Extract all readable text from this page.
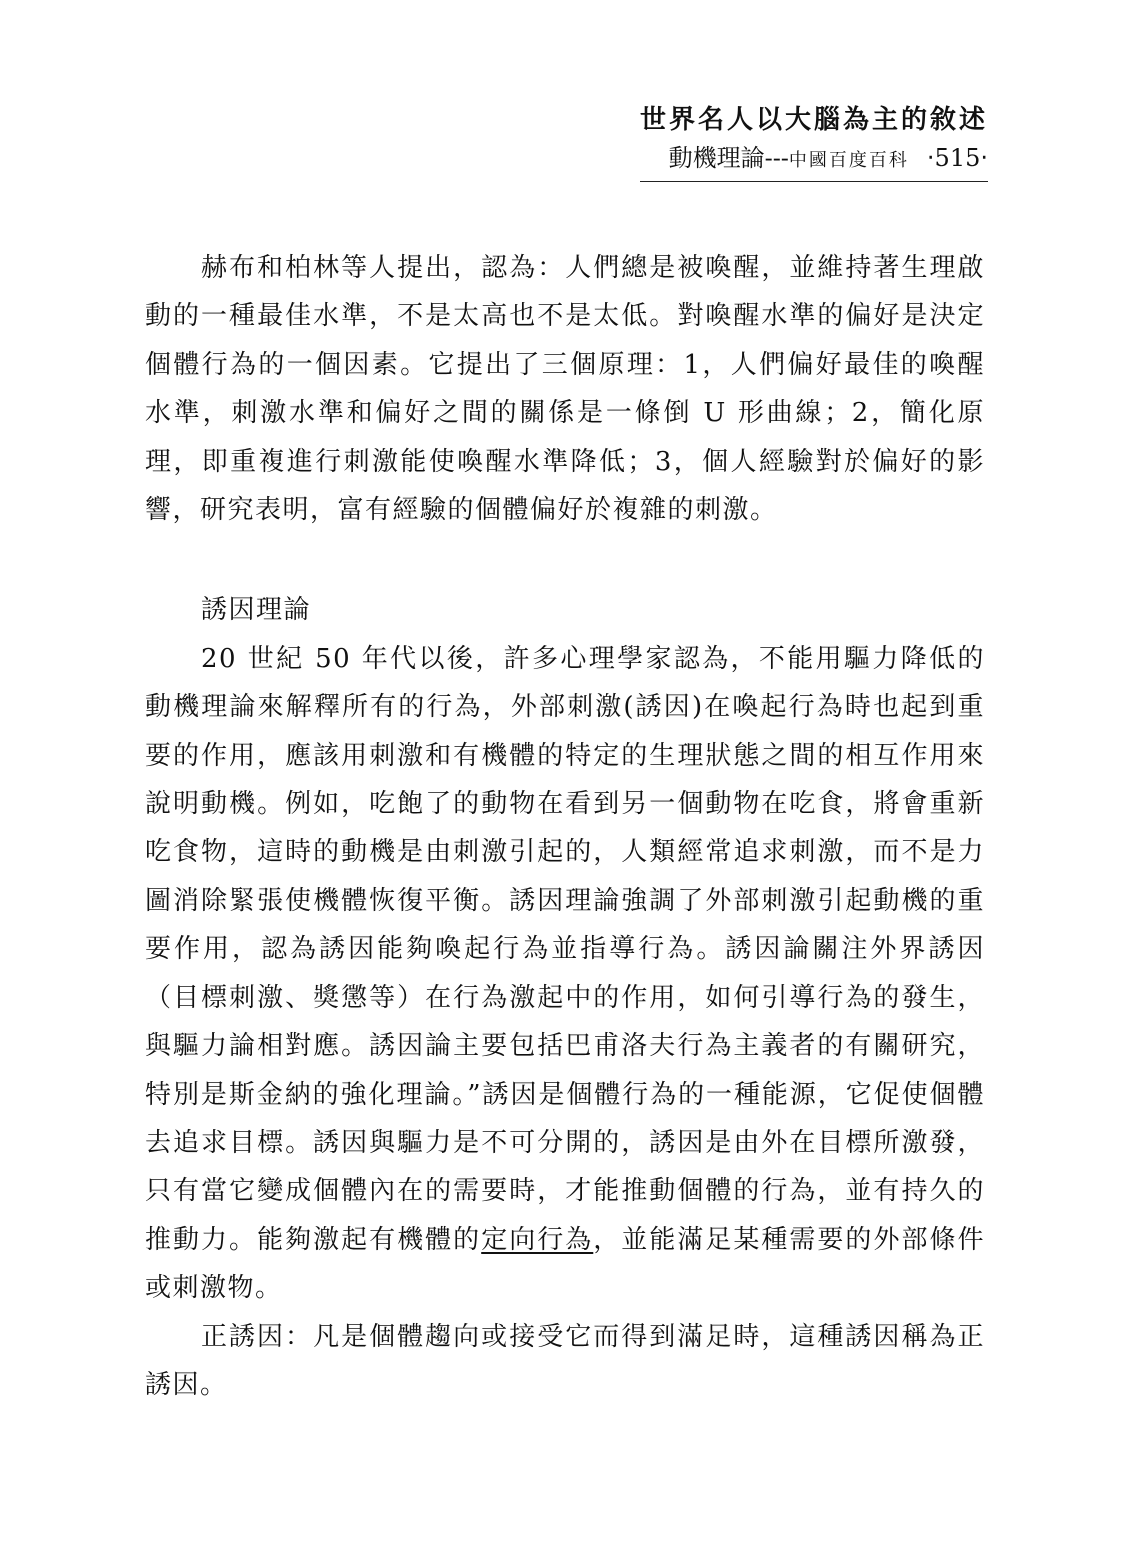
世界名人以大腦為主的敘述
動機理論---中國百度百科 ‧515‧

赫布和柏林等人提出，認為：人們總是被喚醒，並維持著生理啟動的一種最佳水準，不是太高也不是太低。對喚醒水準的偏好是決定個體行為的一個因素。它提出了三個原理：1，人們偏好最佳的喚醒水準，刺激水準和偏好之間的關係是一條倒 U 形曲線；2，簡化原理，即重複進行刺激能使喚醒水準降低；3，個人經驗對於偏好的影響，研究表明，富有經驗的個體偏好於複雜的刺激。

誘因理論

20 世紀 50 年代以後，許多心理學家認為，不能用驅力降低的動機理論來解釋所有的行為，外部刺激(誘因)在喚起行為時也起到重要的作用，應該用刺激和有機體的特定的生理狀態之間的相互作用來說明動機。例如，吃飽了的動物在看到另一個動物在吃食，將會重新吃食物，這時的動機是由刺激引起的，人類經常追求刺激，而不是力圖消除緊張使機體恢復平衡。誘因理論強調了外部刺激引起動機的重要作用，認為誘因能夠喚起行為並指導行為。誘因論關注外界誘因（目標刺激、獎懲等）在行為激起中的作用，如何引導行為的發生，與驅力論相對應。誘因論主要包括巴甫洛夫行為主義者的有關研究，特別是斯金納的強化理論。”誘因是個體行為的一種能源，它促使個體去追求目標。誘因與驅力是不可分開的，誘因是由外在目標所激發，只有當它變成個體內在的需要時，才能推動個體的行為，並有持久的推動力。能夠激起有機體的定向行為，並能滿足某種需要的外部條件或刺激物。

正誘因：凡是個體趨向或接受它而得到滿足時，這種誘因稱為正誘因。
